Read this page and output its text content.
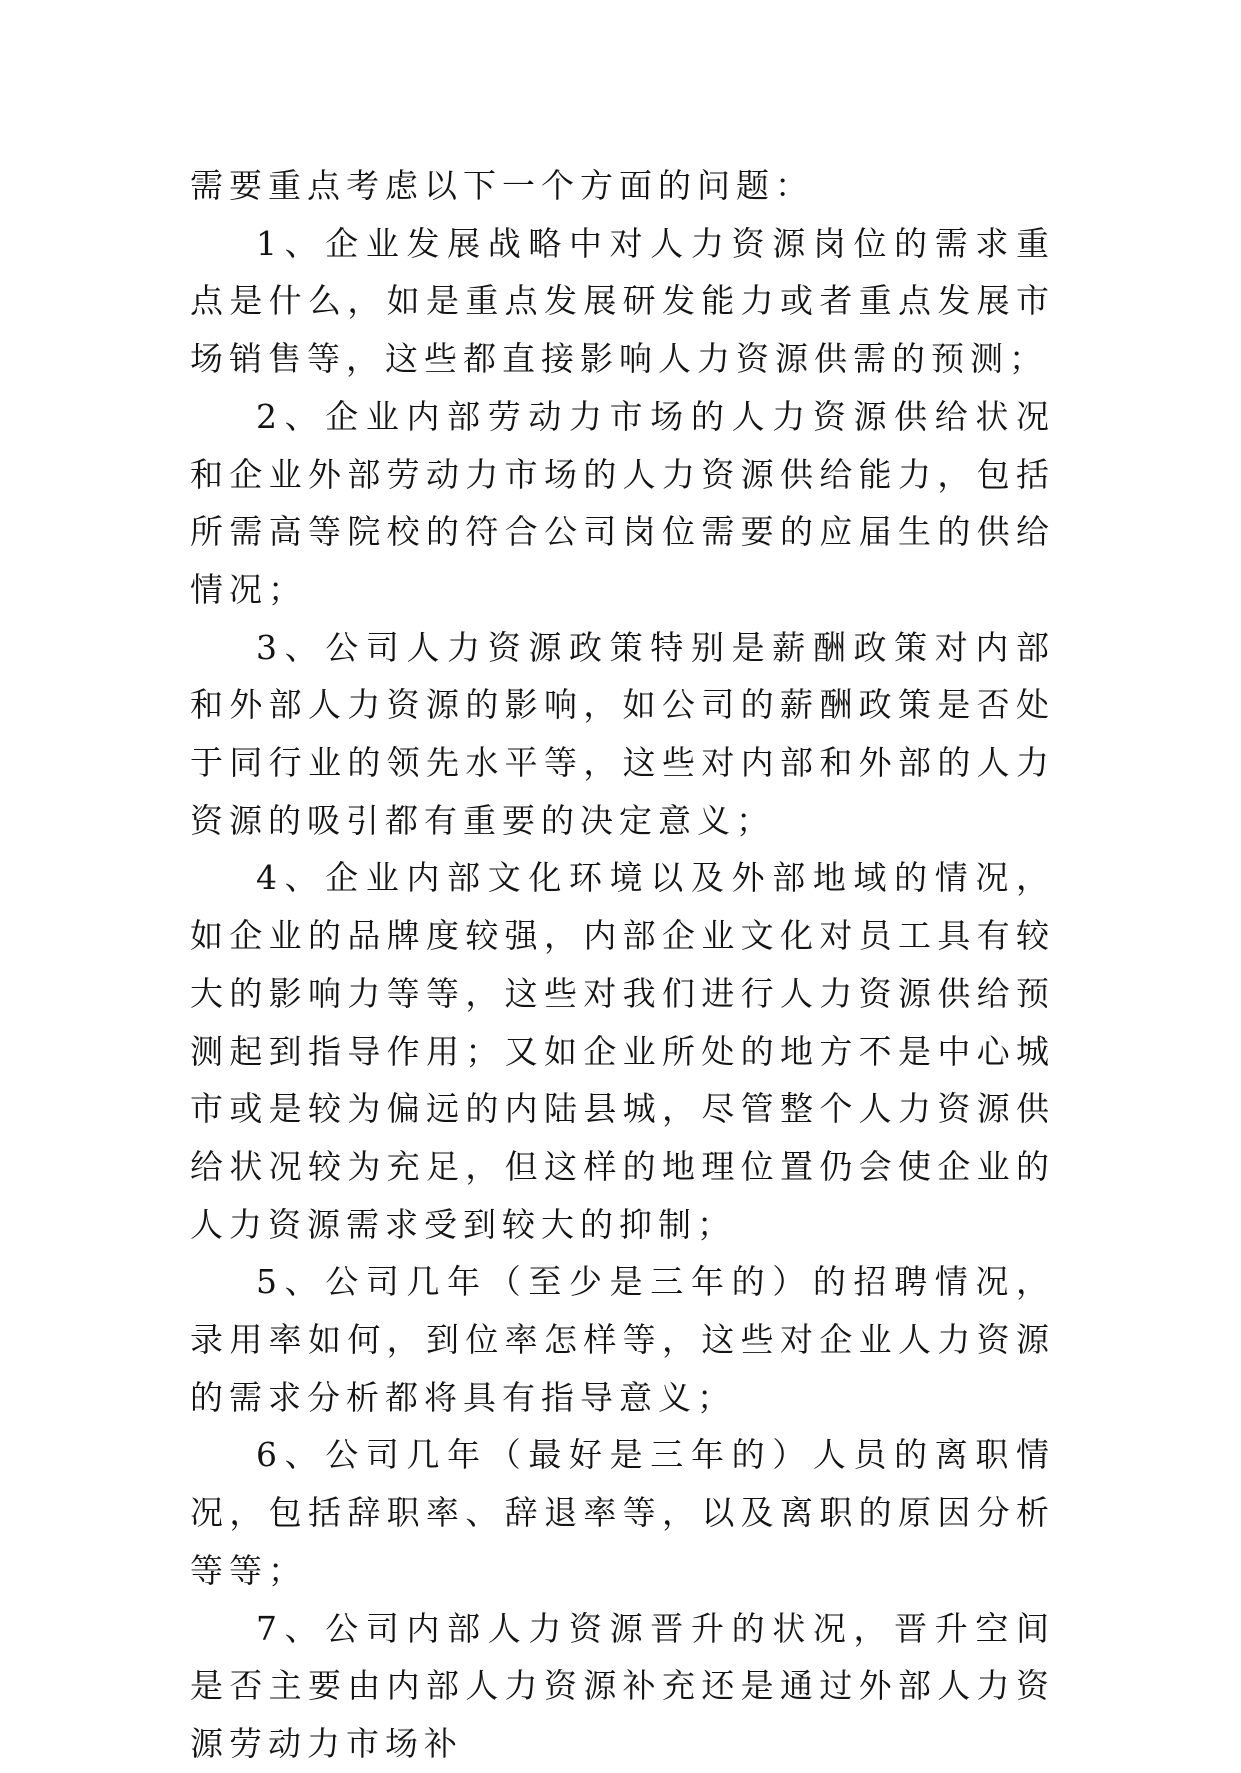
需要重点考虑以下一个方面的问题：

1、企业发展战略中对人力资源岗位的需求重点是什么，如是重点发展研发能力或者重点发展市场销售等，这些都直接影响人力资源供需的预测；

2、企业内部劳动力市场的人力资源供给状况和企业外部劳动力市场的人力资源供给能力，包括所需高等院校的符合公司岗位需要的应届生的供给情况；

3、公司人力资源政策特别是薪酬政策对内部和外部人力资源的影响，如公司的薪酬政策是否处于同行业的领先水平等，这些对内部和外部的人力资源的吸引都有重要的决定意义；

4、企业内部文化环境以及外部地域的情况，如企业的品牌度较强，内部企业文化对员工具有较大的影响力等等，这些对我们进行人力资源供给预测起到指导作用；又如企业所处的地方不是中心城市或是较为偏远的内陆县城，尽管整个人力资源供给状况较为充足，但这样的地理位置仍会使企业的人力资源需求受到较大的抑制；

5、公司几年（至少是三年的）的招聘情况，录用率如何，到位率怎样等，这些对企业人力资源的需求分析都将具有指导意义；

6、公司几年（最好是三年的）人员的离职情况，包括辞职率、辞退率等，以及离职的原因分析等等；

7、公司内部人力资源晋升的状况，晋升空间是否主要由内部人力资源补充还是通过外部人力资源劳动力市场补
